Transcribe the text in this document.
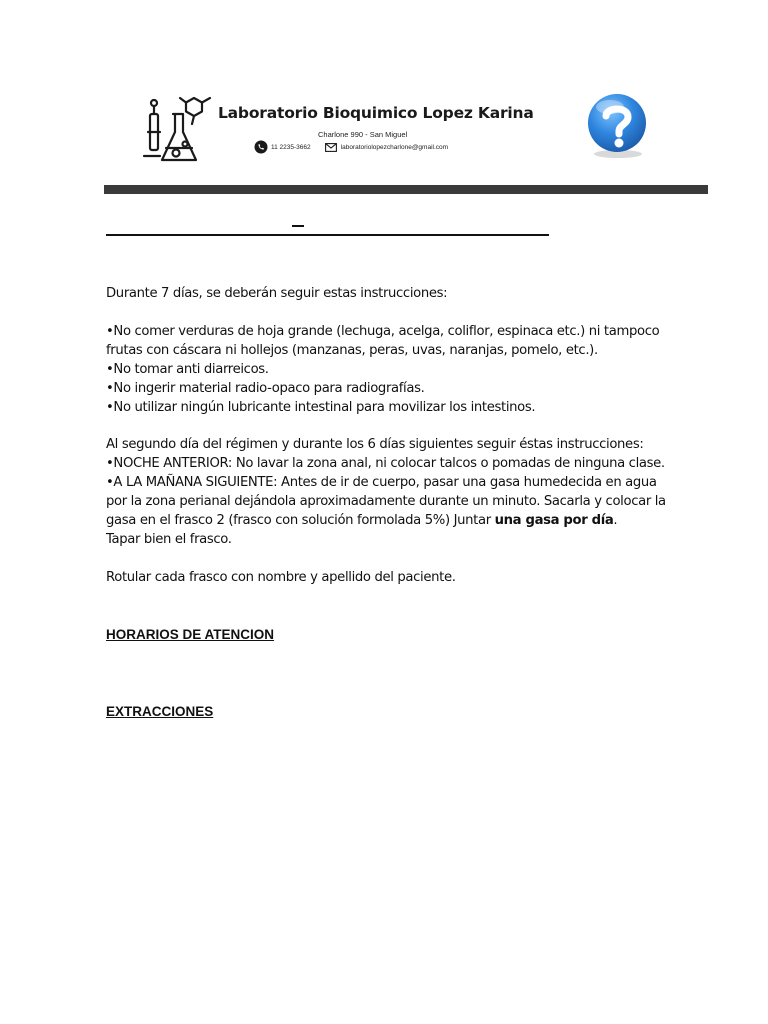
Laboratorio Bioquimico Lopez Karina
Charlone 990 - San Miguel
11 2235-3662	laboratoriolopezcharlone@gmail.com

Durante 7 días, se deberán seguir estas instrucciones:

•No comer verduras de hoja grande (lechuga, acelga, coliflor, espinaca etc.) ni tampoco frutas con cáscara ni hollejos (manzanas, peras, uvas, naranjas, pomelo, etc.).

•No tomar anti diarreicos.

•No ingerir material radio-opaco para radiografías.

•No utilizar ningún lubricante intestinal para movilizar los intestinos.

Al segundo día del régimen y durante los 6 días siguientes seguir éstas instrucciones:

•NOCHE ANTERIOR: No lavar la zona anal, ni colocar talcos o pomadas de ninguna clase.

•A LA MAÑANA SIGUIENTE: Antes de ir de cuerpo, pasar una gasa humedecida en agua por la zona perianal dejándola aproximadamente durante un minuto. Sacarla y colocar la gasa en el frasco 2 (frasco con solución formolada 5%) Juntar una gasa por día.

Tapar bien el frasco.

Rotular cada frasco con nombre y apellido del paciente.

HORARIOS DE ATENCION
EXTRACCIONES
